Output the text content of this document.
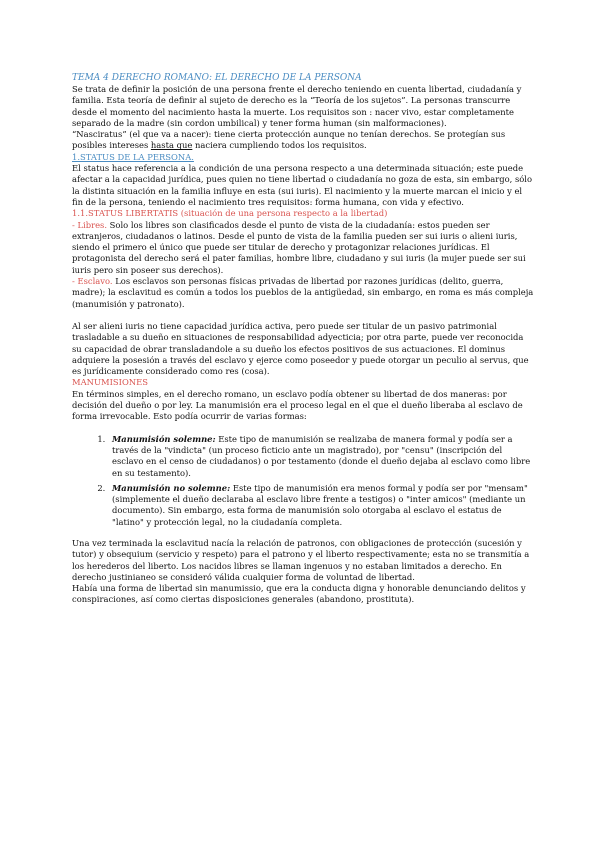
TEMA 4 DERECHO ROMANO: EL DERECHO DE LA PERSONA

Se trata de definir la posición de una persona frente el derecho teniendo en cuenta libertad, ciudadanía y familia. Esta teoría de definir al sujeto de derecho es la “Teoría de los sujetos”. La personas transcurre desde el momento del nacimiento hasta la muerte. Los requisitos son : nacer vivo, estar completamente separado de la madre (sin cordon umbilical) y tener forma human (sin malformaciones).

“Nasciratus” (el que va a nacer): tiene cierta protección aunque no tenían derechos. Se protegían sus posibles intereses hasta que naciera cumpliendo todos los requisitos.

1.STATUS DE LA PERSONA.

El status hace referencia a la condición de una persona respecto a una determinada situación; este puede afectar a la capacidad jurídica, pues quien no tiene libertad o ciudadanía no goza de esta, sin embargo, sólo la distinta situación en la familia influye en esta (sui iuris). El nacimiento y la muerte marcan el inicio y el fin de la persona, teniendo el nacimiento tres requisitos: forma humana, con vida y efectivo.

1.1.STATUS LIBERTATIS (situación de una persona respecto a la libertad)

- Libres. Solo los libres son clasificados desde el punto de vista de la ciudadanía: estos pueden ser extranjeros, ciudadanos o latinos. Desde el punto de vista de la familia pueden ser sui iuris o alieni iuris, siendo el primero el único que puede ser titular de derecho y protagonizar relaciones jurídicas. El protagonista del derecho será el pater familias, hombre libre, ciudadano y sui iuris (la mujer puede ser sui iuris pero sin poseer sus derechos).

- Esclavo. Los esclavos son personas físicas privadas de libertad por razones jurídicas (delito, guerra, madre); la esclavitud es común a todos los pueblos de la antigüedad, sin embargo, en roma es más compleja (manumisión y patronato).

Al ser alieni iuris no tiene capacidad jurídica activa, pero puede ser titular de un pasivo patrimonial trasladable a su dueño en situaciones de responsabilidad adyecticia; por otra parte, puede ver reconocida su capacidad de obrar transladandole a su dueño los efectos positivos de sus actuaciones. El dominus adquiere la posesión a través del esclavo y ejerce como poseedor y puede otorgar un peculio al servus, que es jurídicamente considerado como res (cosa).

MANUMISIONES

En términos simples, en el derecho romano, un esclavo podía obtener su libertad de dos maneras: por decisión del dueño o por ley. La manumisión era el proceso legal en el que el dueño liberaba al esclavo de forma irrevocable. Esto podía ocurrir de varias formas:

1. Manumisión solemne: Este tipo de manumisión se realizaba de manera formal y podía ser a través de la "vindicta" (un proceso ficticio ante un magistrado), por "censu" (inscripción del esclavo en el censo de ciudadanos) o por testamento (donde el dueño dejaba al esclavo como libre en su testamento).
2. Manumisión no solemne: Este tipo de manumisión era menos formal y podía ser por "mensam" (simplemente el dueño declaraba al esclavo libre frente a testigos) o "inter amicos" (mediante un documento). Sin embargo, esta forma de manumisión solo otorgaba al esclavo el estatus de "latino" y protección legal, no la ciudadanía completa.

Una vez terminada la esclavitud nacía la relación de patronos, con obligaciones de protección (sucesión y tutor) y obsequium (servicio y respeto) para el patrono y el liberto respectivamente; esta no se transmitía a los herederos del liberto. Los nacidos libres se llaman ingenuos y no estaban limitados a derecho. En derecho justinianeo se consideró válida cualquier forma de voluntad de libertad.

Había una forma de libertad sin manumissio, que era la conducta digna y honorable denunciando delitos y conspiraciones, así como ciertas disposiciones generales (abandono, prostituta).
